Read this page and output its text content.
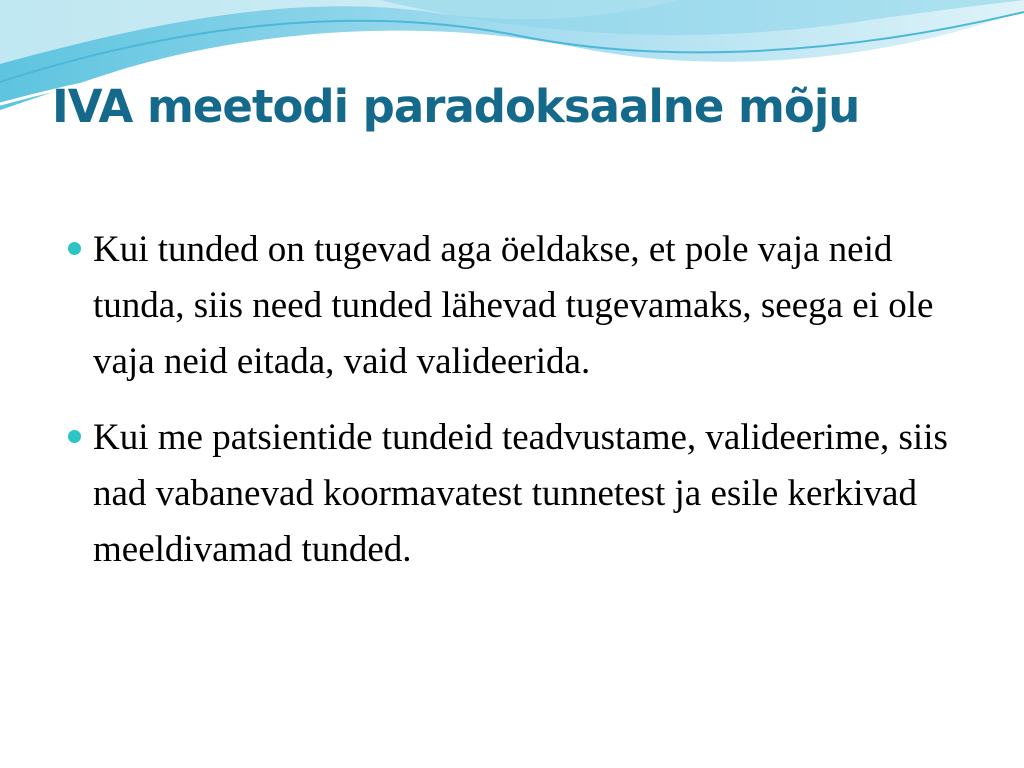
IVA meetodi paradoksaalne mõju
Kui tunded on tugevad aga öeldakse, et pole vaja neid tunda, siis need tunded lähevad tugevamaks, seega ei ole vaja neid eitada, vaid valideerida.
Kui me patsientide tundeid teadvustame, valideerime, siis nad vabanevad koormavatest tunnetest ja esile kerkivad meeldivamad tunded.
